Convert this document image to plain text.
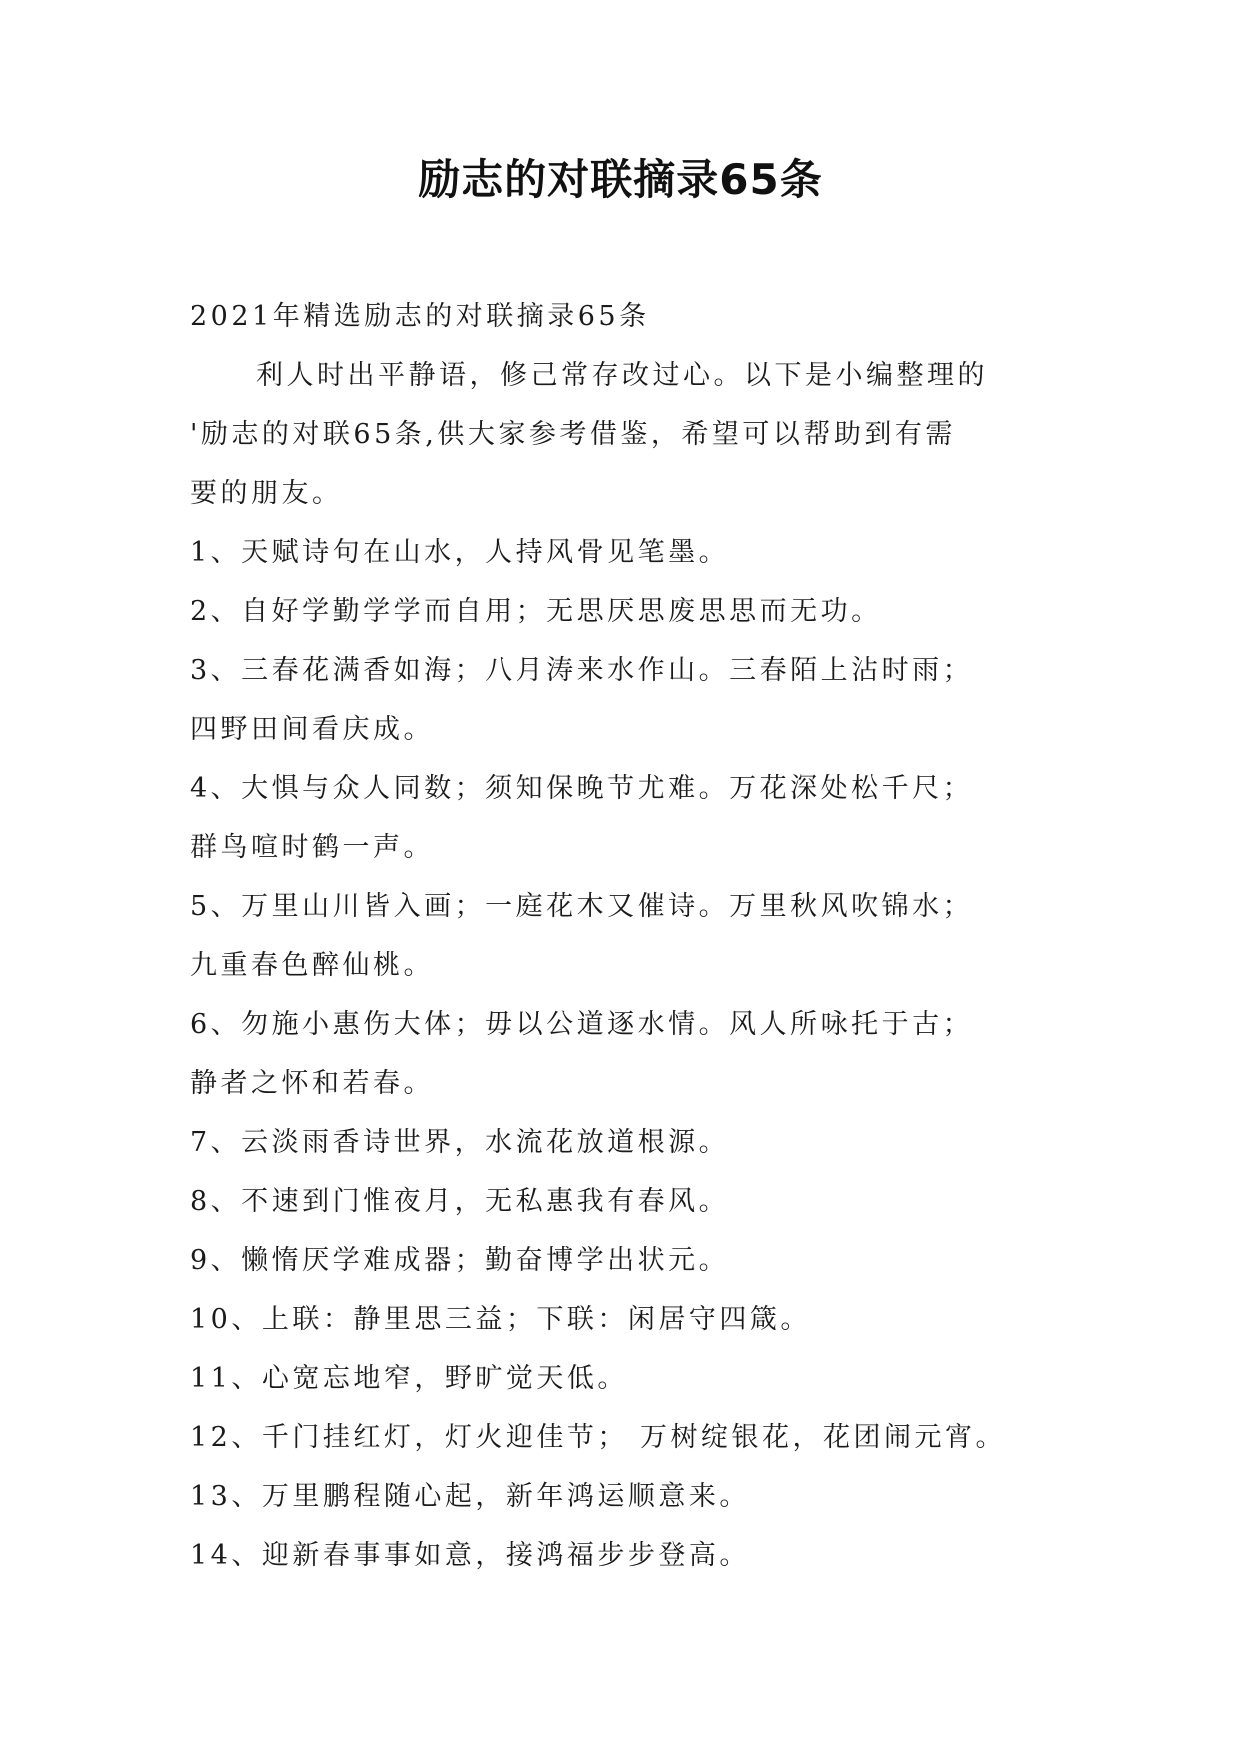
励志的对联摘录65条
2021年精选励志的对联摘录65条
利人时出平静语，修己常存改过心。以下是小编整理的
'励志的对联65条,供大家参考借鉴，希望可以帮助到有需
要的朋友。
1、天赋诗句在山水，人持风骨见笔墨。
2、自好学勤学学而自用；无思厌思废思思而无功。
3、三春花满香如海；八月涛来水作山。三春陌上沾时雨；
四野田间看庆成。
4、大惧与众人同数；须知保晚节尤难。万花深处松千尺；
群鸟喧时鹤一声。
5、万里山川皆入画；一庭花木又催诗。万里秋风吹锦水；
九重春色醉仙桃。
6、勿施小惠伤大体；毋以公道逐水情。风人所咏托于古；
静者之怀和若春。
7、云淡雨香诗世界，水流花放道根源。
8、不速到门惟夜月，无私惠我有春风。
9、懒惰厌学难成器；勤奋博学出状元。
10、上联：静里思三益；下联：闲居守四箴。
11、心宽忘地窄，野旷觉天低。
12、千门挂红灯，灯火迎佳节； 万树绽银花，花团闹元宵。
13、万里鹏程随心起，新年鸿运顺意来。
14、迎新春事事如意，接鸿福步步登高。
